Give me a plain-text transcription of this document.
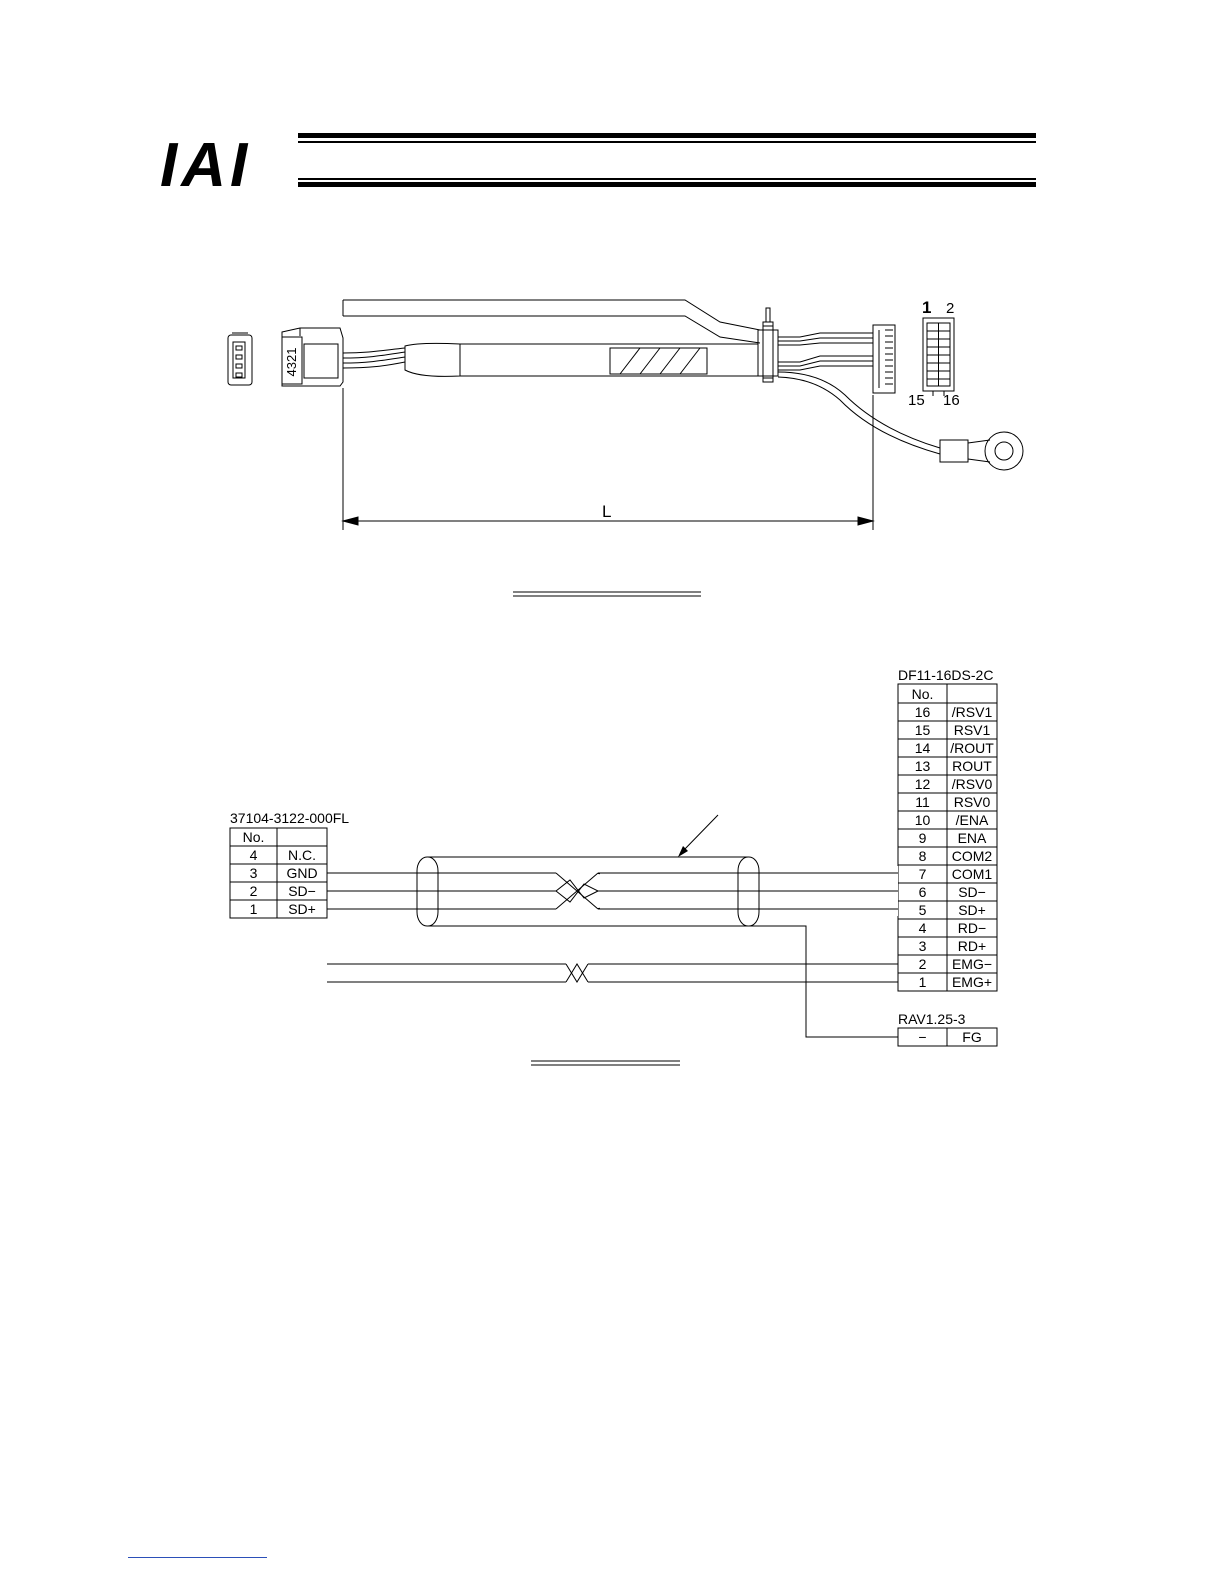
IAI
4321
1 2
15 16
L
37104-3122-000FL
No.
4 N.C.
3 GND
2 SD−
1 SD+
DF11-16DS-2C
No.
16 /RSV1
15 RSV1
14 /ROUT
13 ROUT
12 /RSV0
11 RSV0
10 /ENA
9 ENA
8 COM2
7 COM1
6 SD−
5 SD+
4 RD−
3 RD+
2 EMG−
1 EMG+
RAV1.25-3
−	FG
